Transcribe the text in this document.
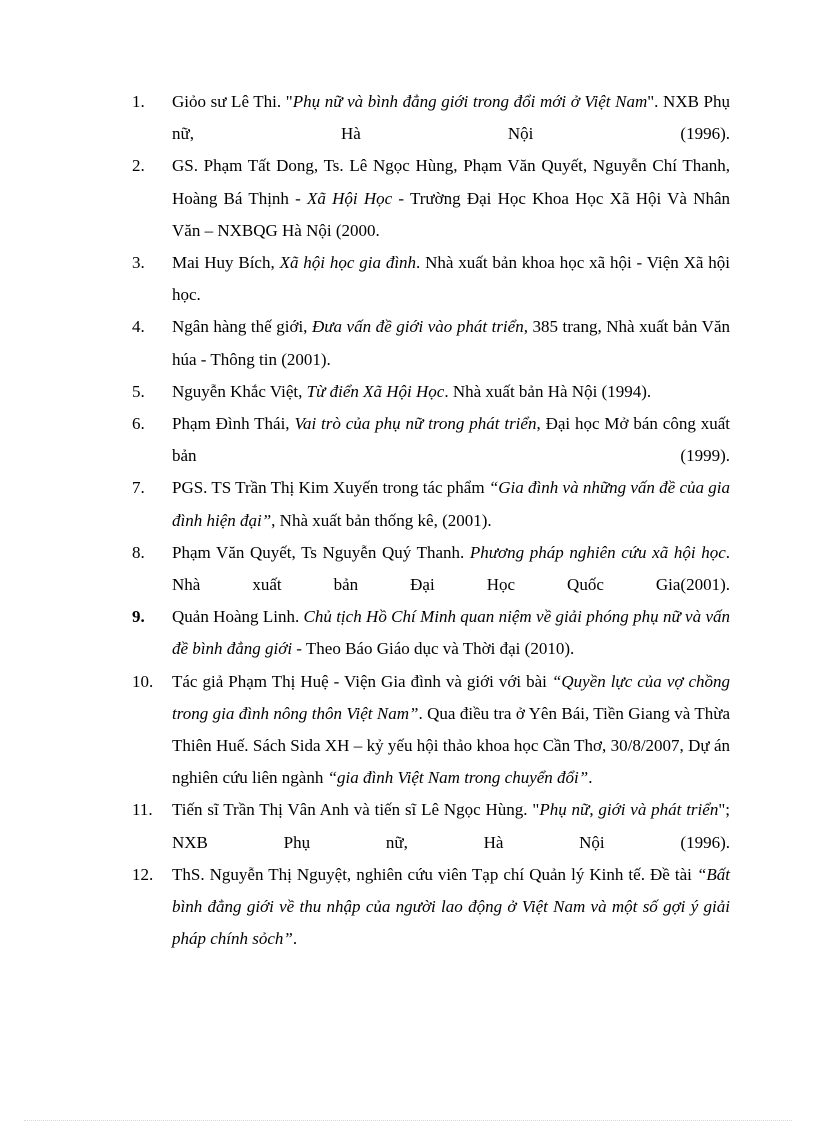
1.	Giỏo sư Lê Thi. "Phụ nữ và bình đẳng giới trong đổi mới ở Việt Nam". NXB Phụ nữ, Hà Nội (1996).
2.	GS. Phạm Tất Dong, Ts. Lê Ngọc Hùng, Phạm Văn Quyết, Nguyễn Chí Thanh, Hoàng Bá Thịnh - Xã Hội Học - Trường Đại Học Khoa Học Xã Hội Và Nhân Văn – NXBQG Hà Nội (2000.
3.	Mai Huy Bích, Xã hội học gia đình. Nhà xuất bản khoa học xã hội - Viện Xã hội học.
4.	Ngân hàng thế giới, Đưa vấn đề giới vào phát triển, 385 trang, Nhà xuất bản Văn húa - Thông tin (2001).
5.	Nguyễn Khắc Việt, Từ điển Xã Hội Học. Nhà xuất bản Hà Nội (1994).
6.	Phạm Đình Thái, Vai trò của phụ nữ trong phát triển, Đại học Mở bán công xuất bản (1999).
7.	PGS. TS Trần Thị Kim Xuyến trong tác phẩm “Gia đình và những vấn đề của gia đình hiện đại”, Nhà xuất bản thống kê, (2001).
8.	Phạm Văn Quyết, Ts Nguyễn Quý Thanh. Phương pháp nghiên cứu xã hội học. Nhà xuất bản Đại Học Quốc Gia(2001).
9.	Quản Hoàng Linh. Chủ tịch Hồ Chí Minh quan niệm về giải phóng phụ nữ và vấn đề bình đẳng giới - Theo Báo Giáo dục và Thời đại (2010).
10.	Tác giả Phạm Thị Huệ - Viện Gia đình và giới với bài “Quyền lực của vợ chồng trong gia đình nông thôn Việt Nam”. Qua điều tra ở Yên Bái, Tiền Giang và Thừa Thiên Huế. Sách Sida XH – kỷ yếu hội thảo khoa học Cần Thơ, 30/8/2007, Dự án nghiên cứu liên ngành “gia đình Việt Nam trong chuyển đổi”.
11.	Tiến sĩ Trần Thị Vân Anh và tiến sĩ Lê Ngọc Hùng. "Phụ nữ, giới và phát triển"; NXB Phụ nữ, Hà Nội (1996).
12.	ThS. Nguyễn Thị Nguyệt, nghiên cứu viên Tạp chí Quản lý Kinh tế. Đề tài “Bất bình đẳng giới về thu nhập của người lao động ở Việt Nam và một số gợi ý giải pháp chính sỏch”.
